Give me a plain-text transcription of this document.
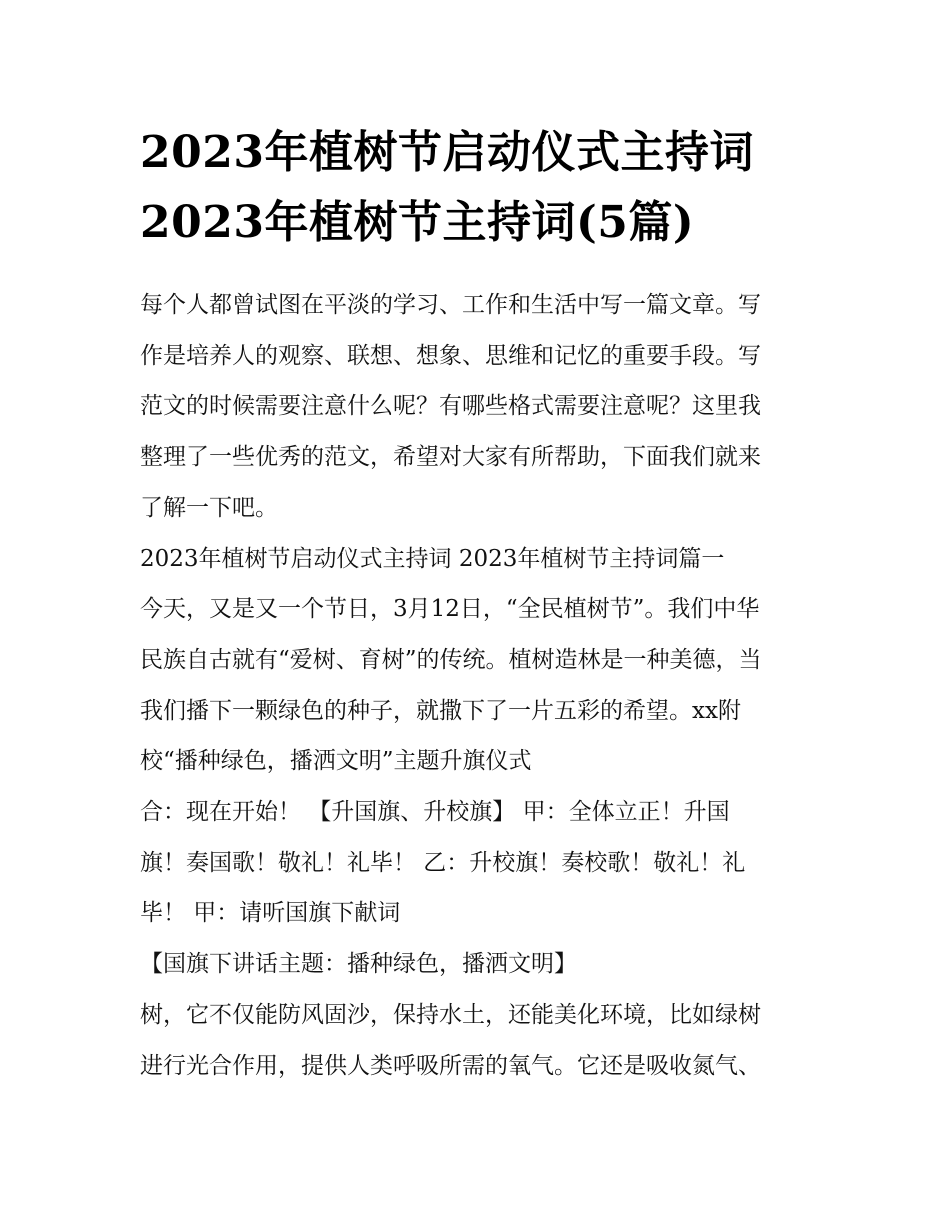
2023年植树节启动仪式主持词
2023年植树节主持词(5篇)

每个人都曾试图在平淡的学习、工作和生活中写一篇文章。写
作是培养人的观察、联想、想象、思维和记忆的重要手段。写
范文的时候需要注意什么呢？有哪些格式需要注意呢？这里我
整理了一些优秀的范文，希望对大家有所帮助，下面我们就来
了解一下吧。

2023年植树节启动仪式主持词 2023年植树节主持词篇一

今天，又是又一个节日，3月12日，“全民植树节”。我们中华
民族自古就有“爱树、育树”的传统。植树造林是一种美德，当
我们播下一颗绿色的种子，就撒下了一片五彩的希望。xx附
校“播种绿色，播洒文明”主题升旗仪式

合：现在开始！ 【升国旗、升校旗】 甲：全体立正！升国
旗！奏国歌！敬礼！礼毕！ 乙：升校旗！奏校歌！敬礼！礼
毕！ 甲：请听国旗下献词

【国旗下讲话主题：播种绿色，播洒文明】

树，它不仅能防风固沙，保持水土，还能美化环境，比如绿树
进行光合作用，提供人类呼吸所需的氧气。它还是吸收氮气、
